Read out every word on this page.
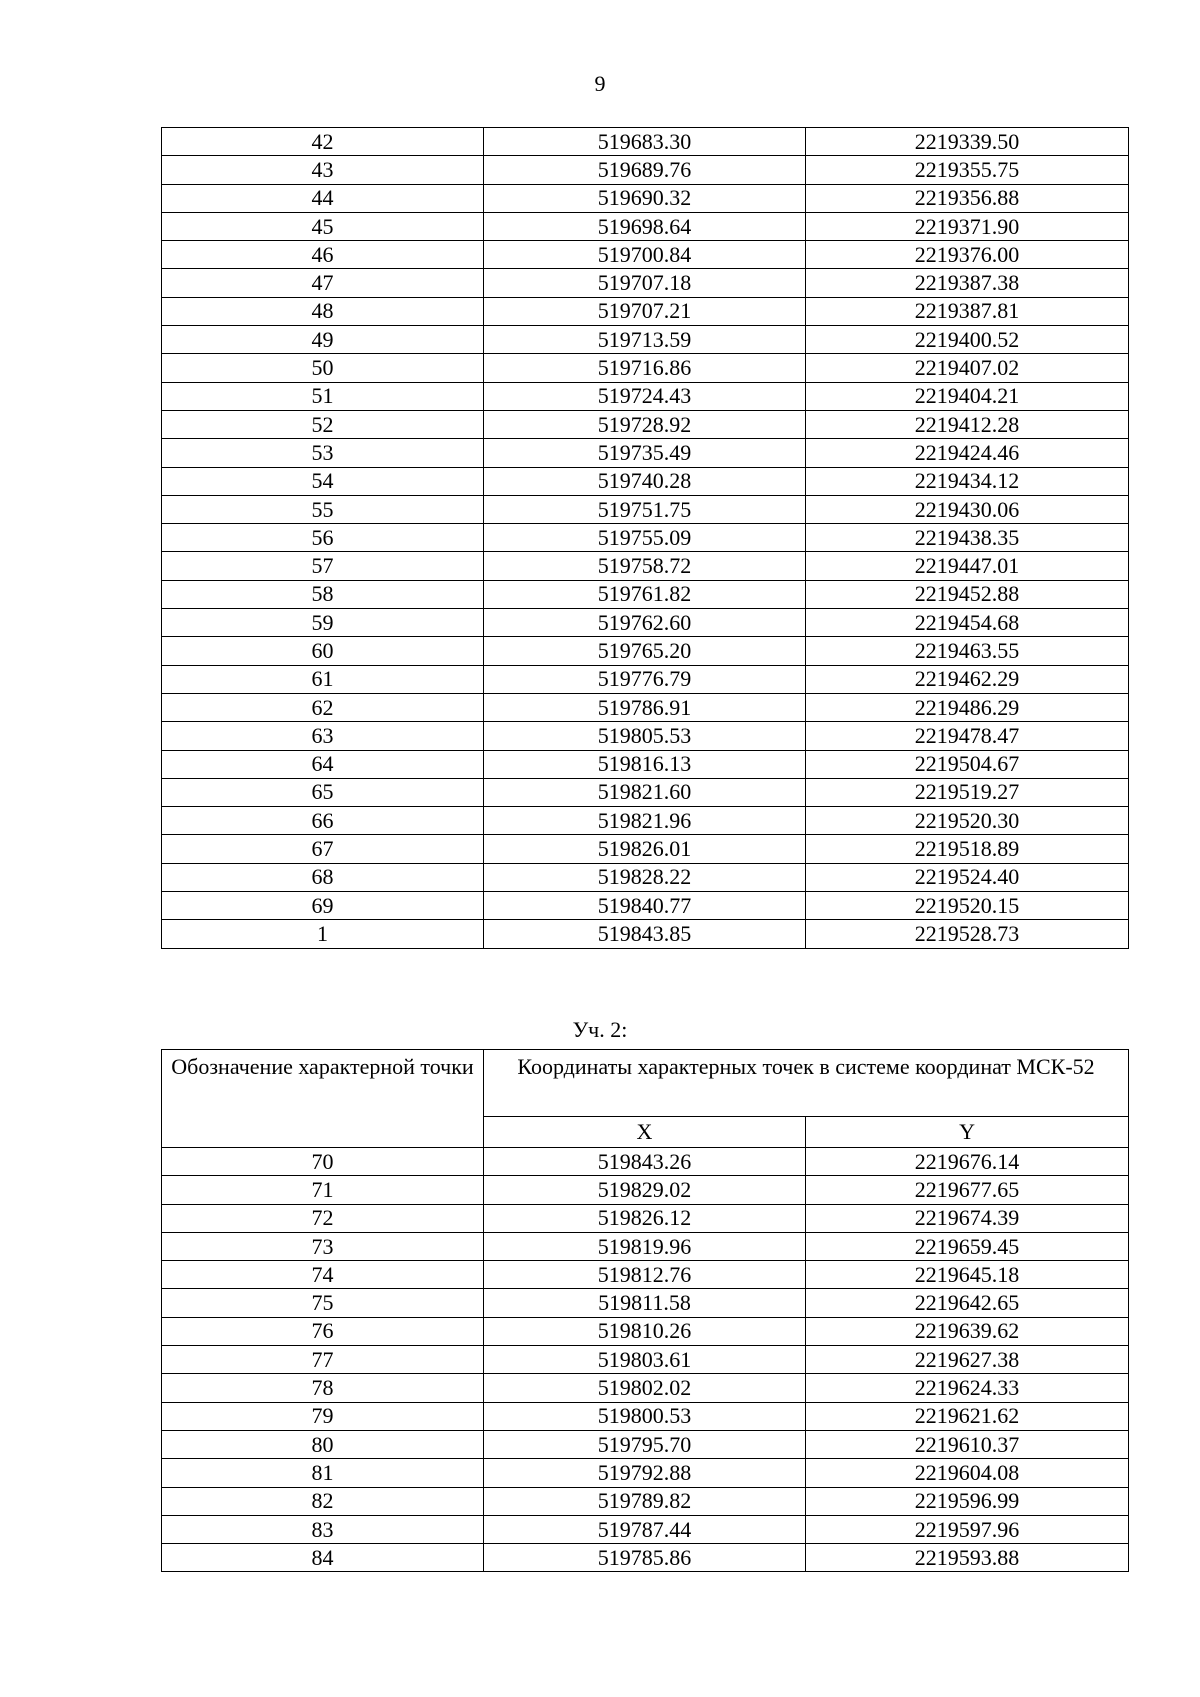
9
42	519683.30	2219339.50
43	519689.76	2219355.75
44	519690.32	2219356.88
45	519698.64	2219371.90
46	519700.84	2219376.00
47	519707.18	2219387.38
48	519707.21	2219387.81
49	519713.59	2219400.52
50	519716.86	2219407.02
51	519724.43	2219404.21
52	519728.92	2219412.28
53	519735.49	2219424.46
54	519740.28	2219434.12
55	519751.75	2219430.06
56	519755.09	2219438.35
57	519758.72	2219447.01
58	519761.82	2219452.88
59	519762.60	2219454.68
60	519765.20	2219463.55
61	519776.79	2219462.29
62	519786.91	2219486.29
63	519805.53	2219478.47
64	519816.13	2219504.67
65	519821.60	2219519.27
66	519821.96	2219520.30
67	519826.01	2219518.89
68	519828.22	2219524.40
69	519840.77	2219520.15
1	519843.85	2219528.73
Уч. 2:
Обозначение характерной точки	Координаты характерных точек в системе координат МСК-52	
	X	Y
70	519843.26	2219676.14
71	519829.02	2219677.65
72	519826.12	2219674.39
73	519819.96	2219659.45
74	519812.76	2219645.18
75	519811.58	2219642.65
76	519810.26	2219639.62
77	519803.61	2219627.38
78	519802.02	2219624.33
79	519800.53	2219621.62
80	519795.70	2219610.37
81	519792.88	2219604.08
82	519789.82	2219596.99
83	519787.44	2219597.96
84	519785.86	2219593.88
